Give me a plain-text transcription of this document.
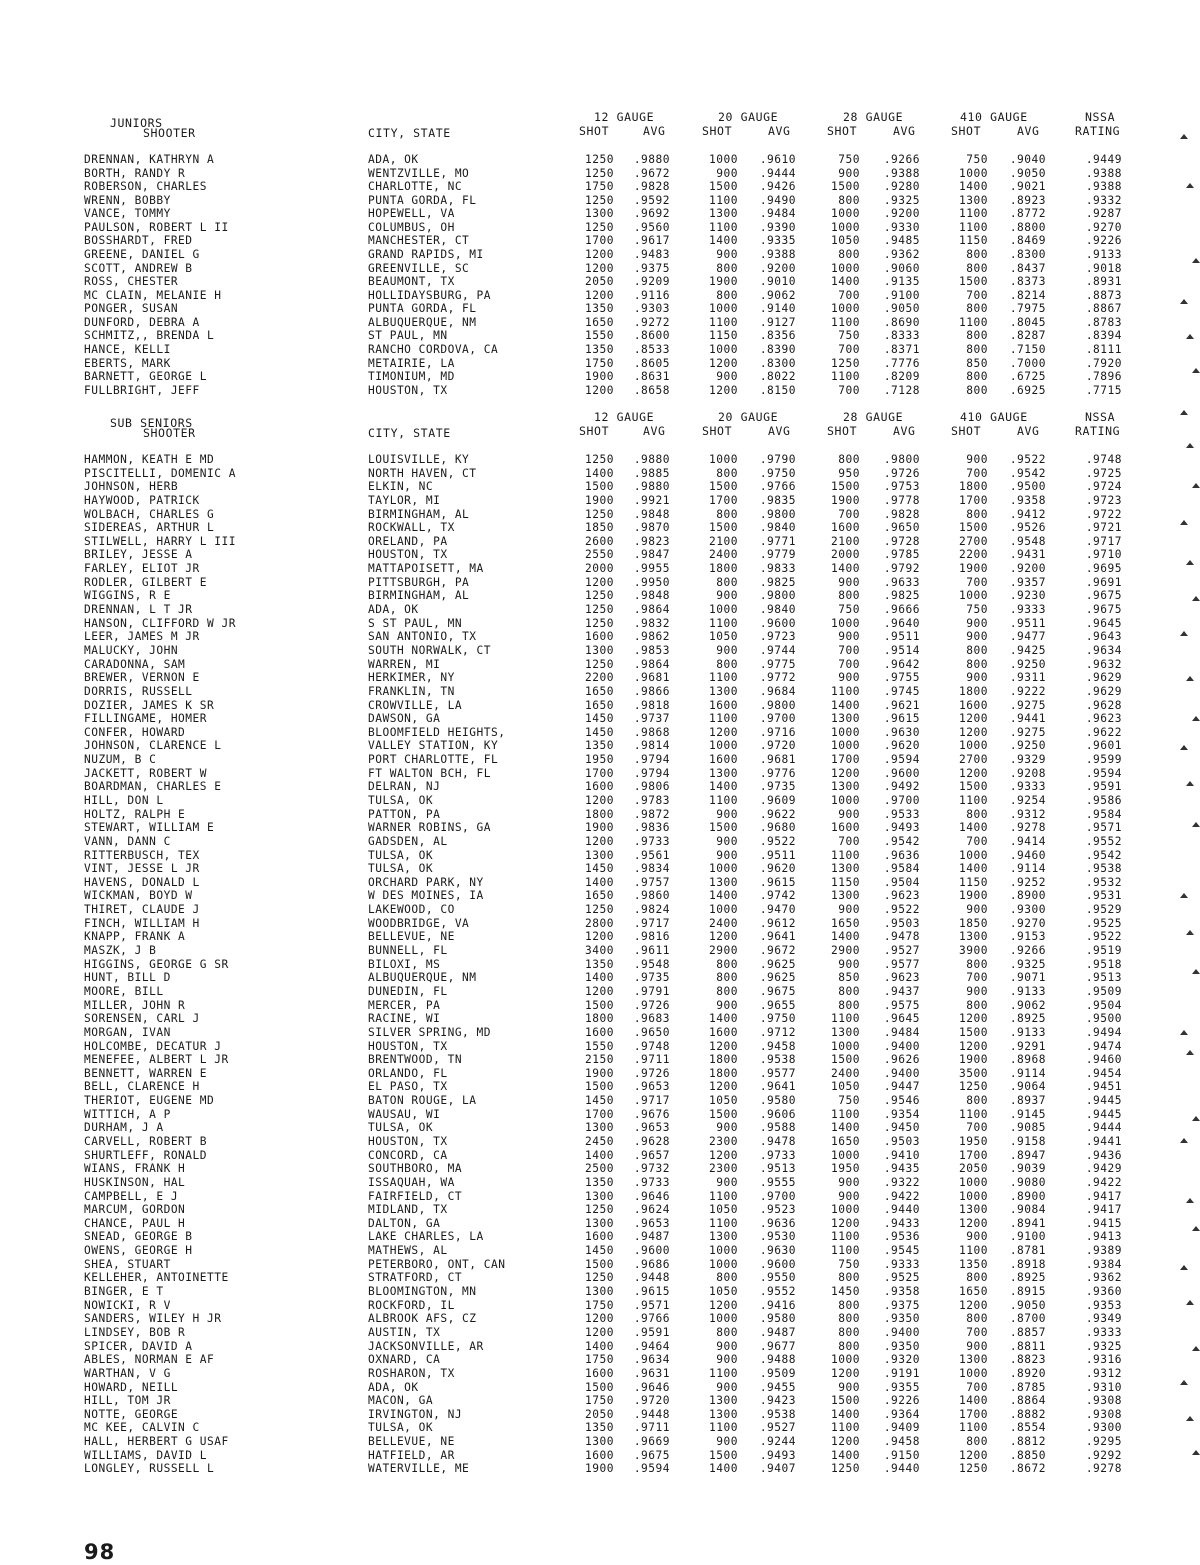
JUNIORS	12 GAUGE	20 GAUGE	28 GAUGE	410 GAUGE	NSSA
SHOOTER	CITY, STATE	SHOT	AVG	SHOT	AVG	SHOT	AVG	SHOT	AVG	RATING
DRENNAN, KATHRYN A	ADA, OK	1250	.9880	1000	.9610	750	.9266	750	.9040	.9449
BORTH, RANDY R	WENTZVILLE, MO	1250	.9672	900	.9444	900	.9388	1000	.9050	.9388
ROBERSON, CHARLES	CHARLOTTE, NC	1750	.9828	1500	.9426	1500	.9280	1400	.9021	.9388
WRENN, BOBBY	PUNTA GORDA, FL	1250	.9592	1100	.9490	800	.9325	1300	.8923	.9332
VANCE, TOMMY	HOPEWELL, VA	1300	.9692	1300	.9484	1000	.9200	1100	.8772	.9287
PAULSON, ROBERT L II	COLUMBUS, OH	1250	.9560	1100	.9390	1000	.9330	1100	.8800	.9270
BOSSHARDT, FRED	MANCHESTER, CT	1700	.9617	1400	.9335	1050	.9485	1150	.8469	.9226
GREENE, DANIEL G	GRAND RAPIDS, MI	1200	.9483	900	.9388	800	.9362	800	.8300	.9133
SCOTT, ANDREW B	GREENVILLE, SC	1200	.9375	800	.9200	1000	.9060	800	.8437	.9018
ROSS, CHESTER	BEAUMONT, TX	2050	.9209	1900	.9010	1400	.9135	1500	.8373	.8931
MC CLAIN, MELANIE H	HOLLIDAYSBURG, PA	1200	.9116	800	.9062	700	.9100	700	.8214	.8873
PONGER, SUSAN	PUNTA GORDA, FL	1350	.9303	1000	.9140	1000	.9050	800	.7975	.8867
DUNFORD, DEBRA A	ALBUQUERQUE, NM	1650	.9272	1100	.9127	1100	.8690	1100	.8045	.8783
SCHMITZ,, BRENDA L	ST PAUL, MN	1550	.8600	1150	.8356	750	.8333	800	.8287	.8394
HANCE, KELLI	RANCHO CORDOVA, CA	1350	.8533	1000	.8390	700	.8371	800	.7150	.8111
EBERTS, MARK	METAIRIE, LA	1750	.8605	1200	.8300	1250	.7776	850	.7000	.7920
BARNETT, GEORGE L	TIMONIUM, MD	1900	.8631	900	.8022	1100	.8209	800	.6725	.7896
FULLBRIGHT, JEFF	HOUSTON, TX	1200	.8658	1200	.8150	700	.7128	800	.6925	.7715
SUB SENIORS	12 GAUGE	20 GAUGE	28 GAUGE	410 GAUGE	NSSA
SHOOTER	CITY, STATE	SHOT	AVG	SHOT	AVG	SHOT	AVG	SHOT	AVG	RATING
HAMMON, KEATH E MD	LOUISVILLE, KY	1250	.9880	1000	.9790	800	.9800	900	.9522	.9748
PISCITELLI, DOMENIC A	NORTH HAVEN, CT	1400	.9885	800	.9750	950	.9726	700	.9542	.9725
JOHNSON, HERB	ELKIN, NC	1500	.9880	1500	.9766	1500	.9753	1800	.9500	.9724
HAYWOOD, PATRICK	TAYLOR, MI	1900	.9921	1700	.9835	1900	.9778	1700	.9358	.9723
WOLBACH, CHARLES G	BIRMINGHAM, AL	1250	.9848	800	.9800	700	.9828	800	.9412	.9722
SIDEREAS, ARTHUR L	ROCKWALL, TX	1850	.9870	1500	.9840	1600	.9650	1500	.9526	.9721
STILWELL, HARRY L III	ORELAND, PA	2600	.9823	2100	.9771	2100	.9728	2700	.9548	.9717
BRILEY, JESSE A	HOUSTON, TX	2550	.9847	2400	.9779	2000	.9785	2200	.9431	.9710
FARLEY, ELIOT JR	MATTAPOISETT, MA	2000	.9955	1800	.9833	1400	.9792	1900	.9200	.9695
RODLER, GILBERT E	PITTSBURGH, PA	1200	.9950	800	.9825	900	.9633	700	.9357	.9691
WIGGINS, R E	BIRMINGHAM, AL	1250	.9848	900	.9800	800	.9825	1000	.9230	.9675
DRENNAN, L T JR	ADA, OK	1250	.9864	1000	.9840	750	.9666	750	.9333	.9675
HANSON, CLIFFORD W JR	S ST PAUL, MN	1250	.9832	1100	.9600	1000	.9640	900	.9511	.9645
LEER, JAMES M JR	SAN ANTONIO, TX	1600	.9862	1050	.9723	900	.9511	900	.9477	.9643
MALUCKY, JOHN	SOUTH NORWALK, CT	1300	.9853	900	.9744	700	.9514	800	.9425	.9634
CARADONNA, SAM	WARREN, MI	1250	.9864	800	.9775	700	.9642	800	.9250	.9632
BREWER, VERNON E	HERKIMER, NY	2200	.9681	1100	.9772	900	.9755	900	.9311	.9629
DORRIS, RUSSELL	FRANKLIN, TN	1650	.9866	1300	.9684	1100	.9745	1800	.9222	.9629
DOZIER, JAMES K SR	CROWVILLE, LA	1650	.9818	1600	.9800	1400	.9621	1600	.9275	.9628
FILLINGAME, HOMER	DAWSON, GA	1450	.9737	1100	.9700	1300	.9615	1200	.9441	.9623
CONFER, HOWARD	BLOOMFIELD HEIGHTS,	1450	.9868	1200	.9716	1000	.9630	1200	.9275	.9622
JOHNSON, CLARENCE L	VALLEY STATION, KY	1350	.9814	1000	.9720	1000	.9620	1000	.9250	.9601
NUZUM, B C	PORT CHARLOTTE, FL	1950	.9794	1600	.9681	1700	.9594	2700	.9329	.9599
JACKETT, ROBERT W	FT WALTON BCH, FL	1700	.9794	1300	.9776	1200	.9600	1200	.9208	.9594
BOARDMAN, CHARLES E	DELRAN, NJ	1600	.9806	1400	.9735	1300	.9492	1500	.9333	.9591
HILL, DON L	TULSA, OK	1200	.9783	1100	.9609	1000	.9700	1100	.9254	.9586
HOLTZ, RALPH E	PATTON, PA	1800	.9872	900	.9622	900	.9533	800	.9312	.9584
STEWART, WILLIAM E	WARNER ROBINS, GA	1900	.9836	1500	.9680	1600	.9493	1400	.9278	.9571
VANN, DANN C	GADSDEN, AL	1200	.9733	900	.9522	700	.9542	700	.9414	.9552
RITTERBUSCH, TEX	TULSA, OK	1300	.9561	900	.9511	1100	.9636	1000	.9460	.9542
VINT, JESSE L JR	TULSA, OK	1450	.9834	1000	.9620	1300	.9584	1400	.9114	.9538
HAVENS, DONALD L	ORCHARD PARK, NY	1400	.9757	1300	.9615	1150	.9504	1150	.9252	.9532
WICKMAN, BOYD W	W DES MOINES, IA	1650	.9860	1400	.9742	1300	.9623	1900	.8900	.9531
THIRET, CLAUDE J	LAKEWOOD, CO	1250	.9824	1000	.9470	900	.9522	900	.9300	.9529
FINCH, WILLIAM H	WOODBRIDGE, VA	2800	.9717	2400	.9612	1650	.9503	1850	.9270	.9525
KNAPP, FRANK A	BELLEVUE, NE	1200	.9816	1200	.9641	1400	.9478	1300	.9153	.9522
MASZK, J B	BUNNELL, FL	3400	.9611	2900	.9672	2900	.9527	3900	.9266	.9519
HIGGINS, GEORGE G SR	BILOXI, MS	1350	.9548	800	.9625	900	.9577	800	.9325	.9518
HUNT, BILL D	ALBUQUERQUE, NM	1400	.9735	800	.9625	850	.9623	700	.9071	.9513
MOORE, BILL	DUNEDIN, FL	1200	.9791	800	.9675	800	.9437	900	.9133	.9509
MILLER, JOHN R	MERCER, PA	1500	.9726	900	.9655	800	.9575	800	.9062	.9504
SORENSEN, CARL J	RACINE, WI	1800	.9683	1400	.9750	1100	.9645	1200	.8925	.9500
MORGAN, IVAN	SILVER SPRING, MD	1600	.9650	1600	.9712	1300	.9484	1500	.9133	.9494
HOLCOMBE, DECATUR J	HOUSTON, TX	1550	.9748	1200	.9458	1000	.9400	1200	.9291	.9474
MENEFEE, ALBERT L JR	BRENTWOOD, TN	2150	.9711	1800	.9538	1500	.9626	1900	.8968	.9460
BENNETT, WARREN E	ORLANDO, FL	1900	.9726	1800	.9577	2400	.9400	3500	.9114	.9454
BELL, CLARENCE H	EL PASO, TX	1500	.9653	1200	.9641	1050	.9447	1250	.9064	.9451
THERIOT, EUGENE MD	BATON ROUGE, LA	1450	.9717	1050	.9580	750	.9546	800	.8937	.9445
WITTICH, A P	WAUSAU, WI	1700	.9676	1500	.9606	1100	.9354	1100	.9145	.9445
DURHAM, J A	TULSA, OK	1300	.9653	900	.9588	1400	.9450	700	.9085	.9444
CARVELL, ROBERT B	HOUSTON, TX	2450	.9628	2300	.9478	1650	.9503	1950	.9158	.9441
SHURTLEFF, RONALD	CONCORD, CA	1400	.9657	1200	.9733	1000	.9410	1700	.8947	.9436
WIANS, FRANK H	SOUTHBORO, MA	2500	.9732	2300	.9513	1950	.9435	2050	.9039	.9429
HUSKINSON, HAL	ISSAQUAH, WA	1350	.9733	900	.9555	900	.9322	1000	.9080	.9422
CAMPBELL, E J	FAIRFIELD, CT	1300	.9646	1100	.9700	900	.9422	1000	.8900	.9417
MARCUM, GORDON	MIDLAND, TX	1250	.9624	1050	.9523	1000	.9440	1300	.9084	.9417
CHANCE, PAUL H	DALTON, GA	1300	.9653	1100	.9636	1200	.9433	1200	.8941	.9415
SNEAD, GEORGE B	LAKE CHARLES, LA	1600	.9487	1300	.9530	1100	.9536	900	.9100	.9413
OWENS, GEORGE H	MATHEWS, AL	1450	.9600	1000	.9630	1100	.9545	1100	.8781	.9389
SHEA, STUART	PETERBORO, ONT, CAN	1500	.9686	1000	.9600	750	.9333	1350	.8918	.9384
KELLEHER, ANTOINETTE	STRATFORD, CT	1250	.9448	800	.9550	800	.9525	800	.8925	.9362
BINGER, E T	BLOOMINGTON, MN	1300	.9615	1050	.9552	1450	.9358	1650	.8915	.9360
NOWICKI, R V	ROCKFORD, IL	1750	.9571	1200	.9416	800	.9375	1200	.9050	.9353
SANDERS, WILEY H JR	ALBROOK AFS, CZ	1200	.9766	1000	.9580	800	.9350	800	.8700	.9349
LINDSEY, BOB R	AUSTIN, TX	1200	.9591	800	.9487	800	.9400	700	.8857	.9333
SPICER, DAVID A	JACKSONVILLE, AR	1400	.9464	900	.9677	800	.9350	900	.8811	.9325
ABLES, NORMAN E AF	OXNARD, CA	1750	.9634	900	.9488	1000	.9320	1300	.8823	.9316
WARTHAN, V G	ROSHARON, TX	1600	.9631	1100	.9509	1200	.9191	1000	.8920	.9312
HOWARD, NEILL	ADA, OK	1500	.9646	900	.9455	900	.9355	700	.8785	.9310
HILL, TOM JR	MACON, GA	1750	.9720	1300	.9423	1500	.9226	1400	.8864	.9308
NOTTE, GEORGE	IRVINGTON, NJ	2050	.9448	1300	.9538	1400	.9364	1700	.8882	.9308
MC KEE, CALVIN C	TULSA, OK	1350	.9711	1100	.9527	1100	.9409	1100	.8554	.9300
HALL, HERBERT G USAF	BELLEVUE, NE	1300	.9669	900	.9244	1200	.9458	800	.8812	.9295
WILLIAMS, DAVID L	HATFIELD, AR	1600	.9675	1500	.9493	1400	.9150	1200	.8850	.9292
LONGLEY, RUSSELL L	WATERVILLE, ME	1900	.9594	1400	.9407	1250	.9440	1250	.8672	.9278
98
